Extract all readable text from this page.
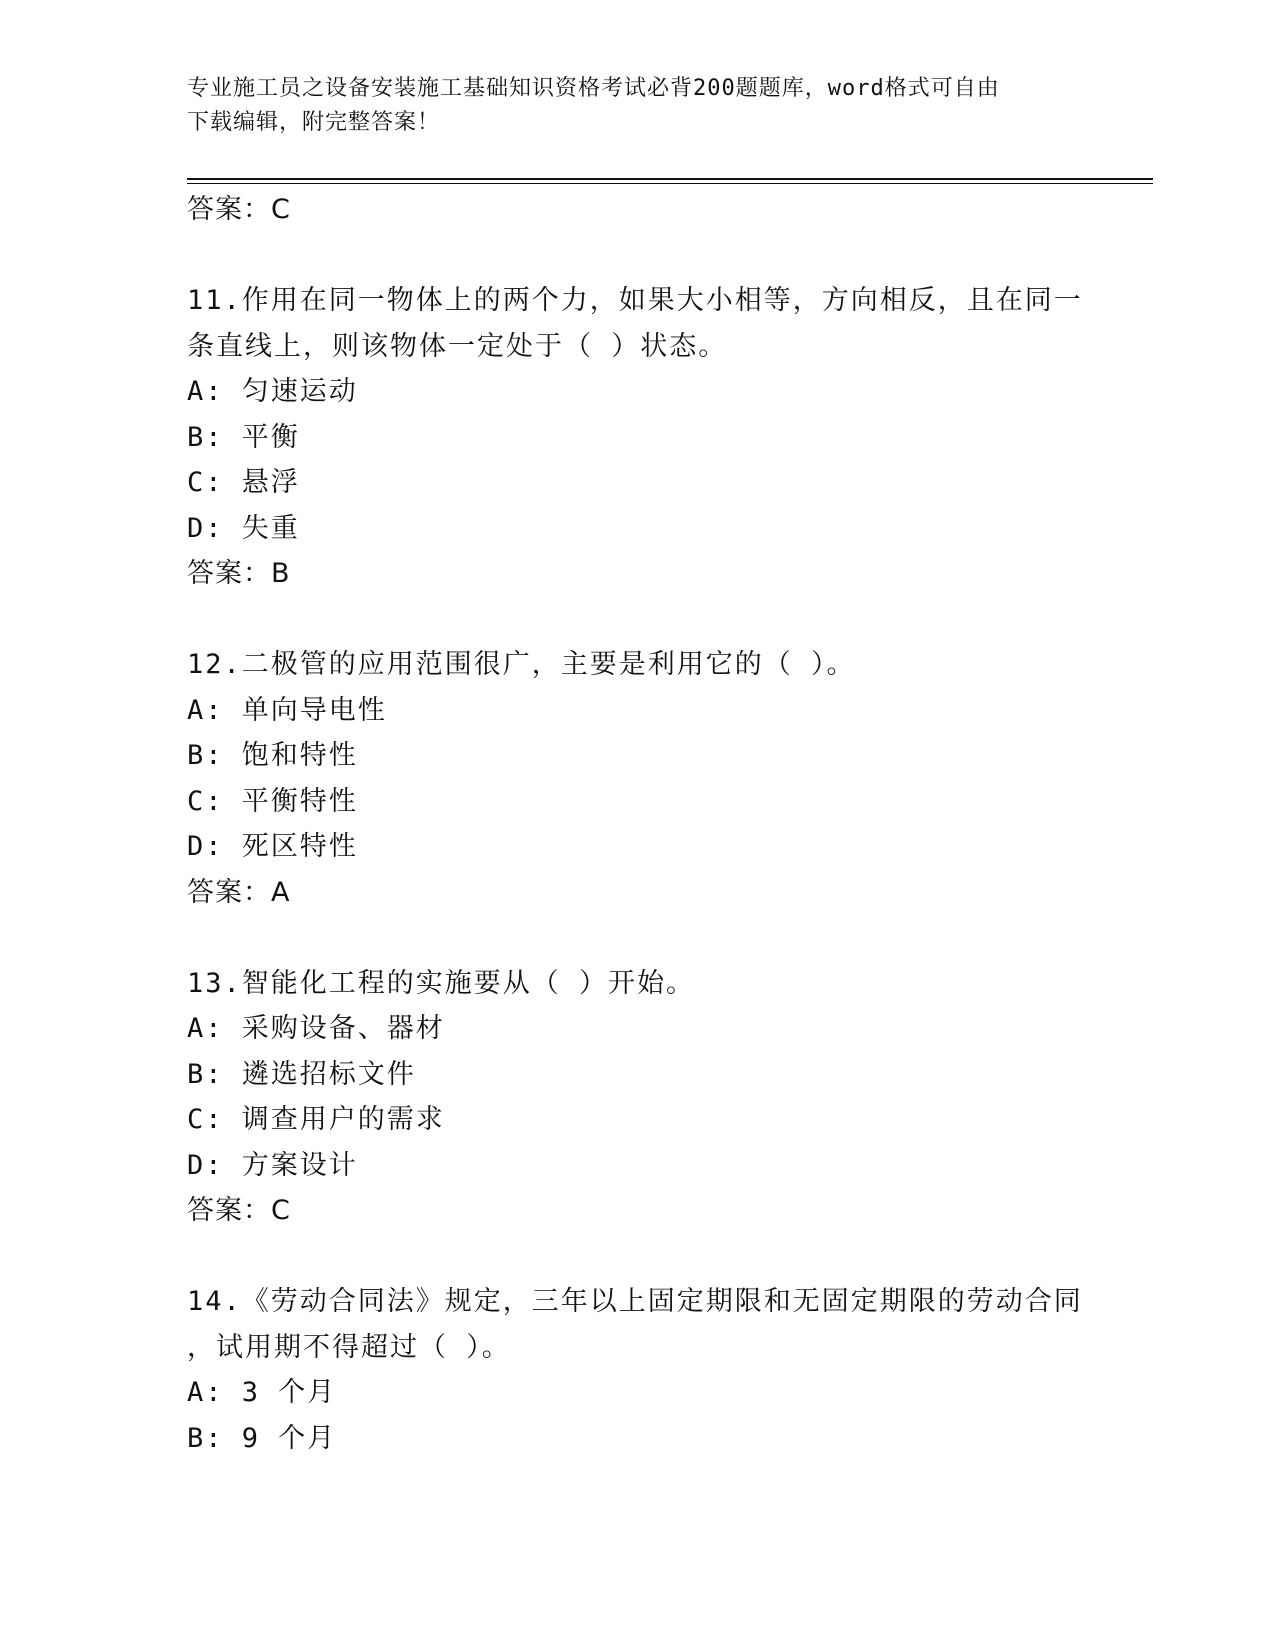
专业施工员之设备安装施工基础知识资格考试必背200题题库，word格式可自由
下载编辑，附完整答案！
答案：C
11.作用在同一物体上的两个力，如果大小相等，方向相反，且在同一
条直线上，则该物体一定处于（ ）状态。
A: 匀速运动
B: 平衡
C: 悬浮
D: 失重
答案：B
12.二极管的应用范围很广，主要是利用它的（ ）。
A: 单向导电性
B: 饱和特性
C: 平衡特性
D: 死区特性
答案：A
13.智能化工程的实施要从（ ）开始。
A: 采购设备、器材
B: 遴选招标文件
C: 调查用户的需求
D: 方案设计
答案：C
14.《劳动合同法》规定，三年以上固定期限和无固定期限的劳动合同
，试用期不得超过（ ）。
A: 3 个月
B: 9 个月
